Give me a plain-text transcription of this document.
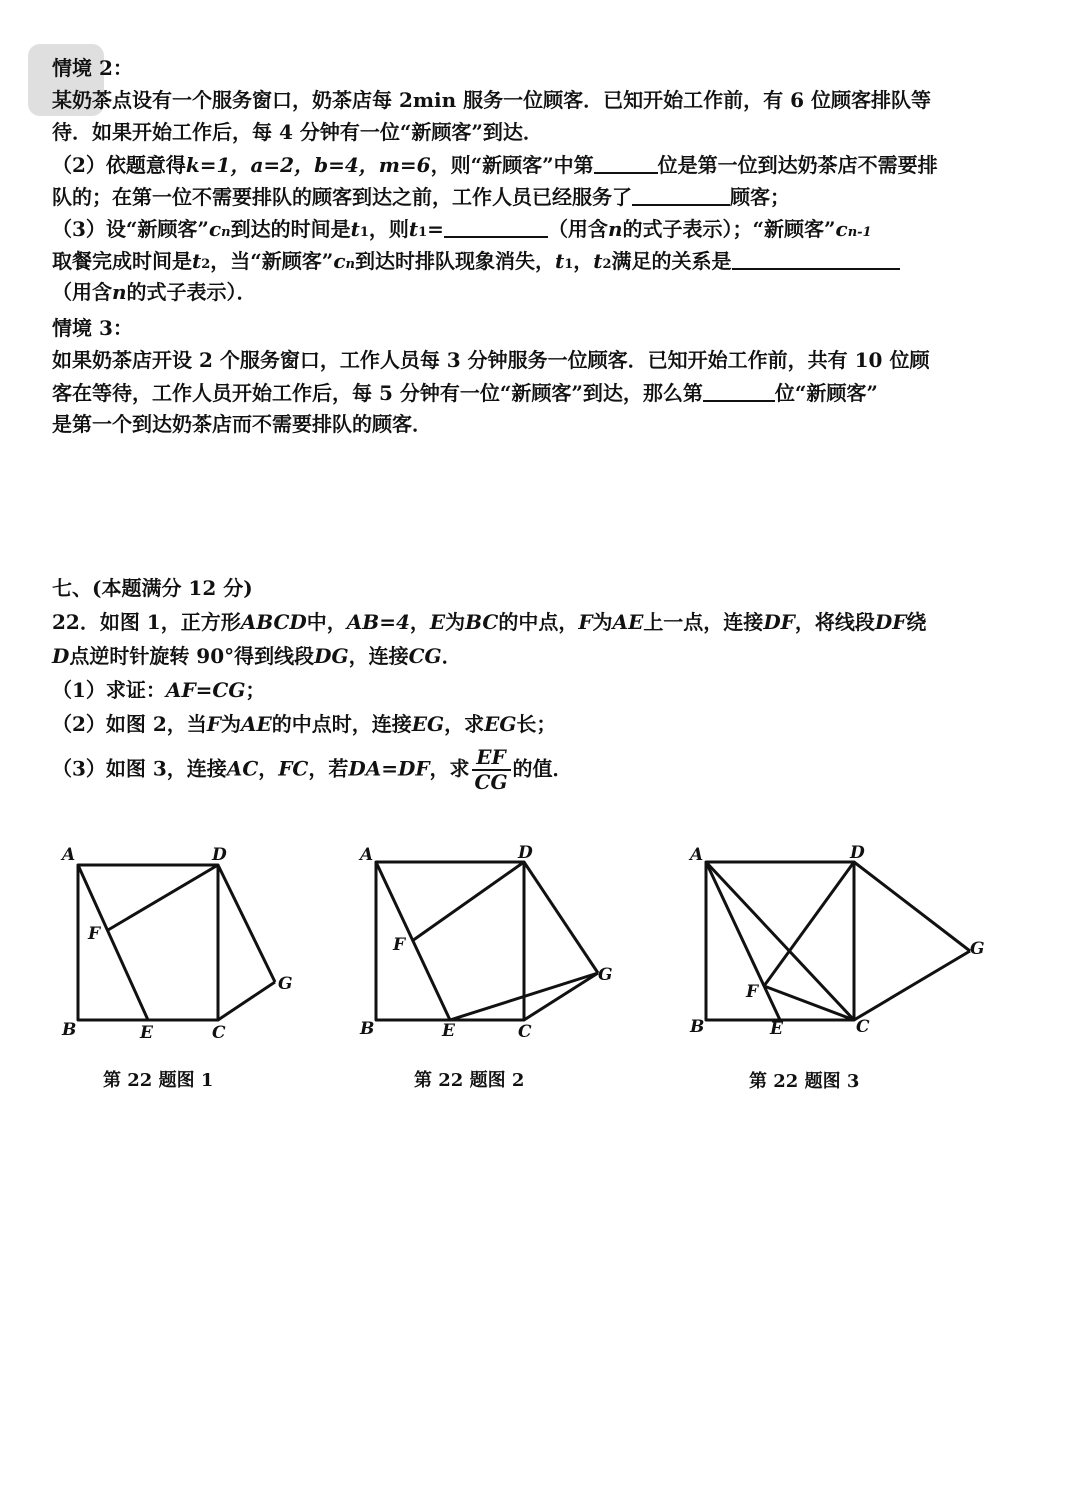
情境 2：
某奶茶点设有一个服务窗口，奶茶店每 2min 服务一位顾客．已知开始工作前，有 6 位顾客排队等
待．如果开始工作后，每 4 分钟有一位“新顾客”到达．
（2）依题意得k=1，a=2，b=4，m=6，则“新顾客”中第	位是第一位到达奶茶店不需要排
队的；在第一位不需要排队的顾客到达之前，工作人员已经服务了	顾客；
（3）设“新顾客”cn到达的时间是t1，则t1=	（用含n的式子表示）；“新顾客”cn-1
取餐完成时间是t2，当“新顾客”cn到达时排队现象消失，t1，t2满足的关系是
（用含n的式子表示）．
情境 3：
如果奶茶店开设 2 个服务窗口，工作人员每 3 分钟服务一位顾客．已知开始工作前，共有 10 位顾
客在等待，工作人员开始工作后，每 5 分钟有一位“新顾客”到达，那么第	位“新顾客”
是第一个到达奶茶店而不需要排队的顾客．
七、(本题满分 12 分)
22．如图 1，正方形ABCD中，AB=4，E为BC的中点，F为AE上一点，连接DF，将线段DF绕
D点逆时针旋转 90°得到线段DG，连接CG．
（1）求证：AF=CG；
（2）如图 2，当F为AE的中点时，连接EG，求EG长；
（3）如图 3，连接AC，FC，若DA=DF，求 $\frac{EF}{CG}$ 的值．
A	D
F
G
B	E	C
A	D
F
G
B	E	C
A	D
F
G
B	E	C
第 22 题图 1	第 22 题图 2	第 22 题图 3
